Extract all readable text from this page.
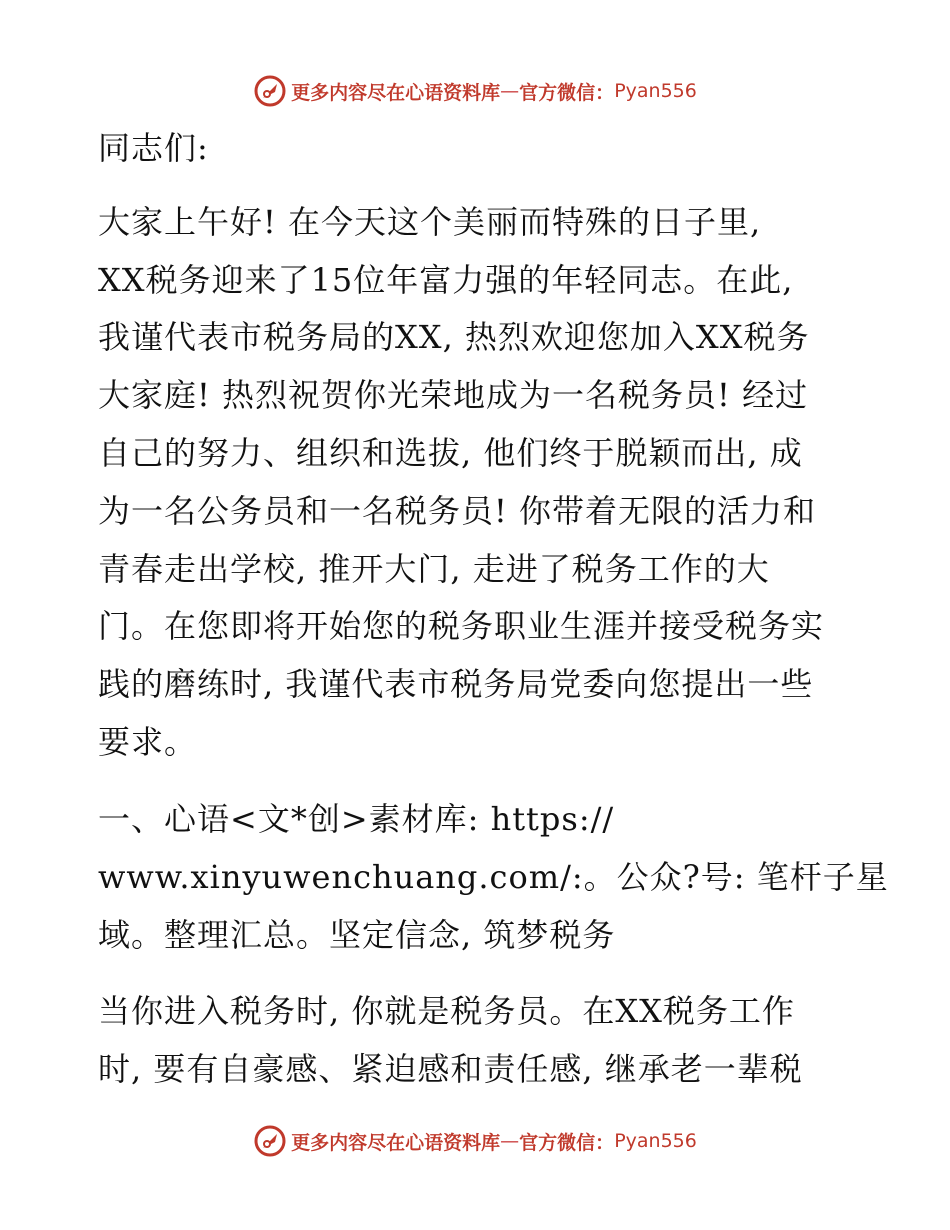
更多内容尽在心语资料库 — 官方微信： Pyan556
同志们:
大家上午好! 在今天这个美丽而特殊的日子里,
XX税务迎来了15位年富力强的年轻同志。在此,
我谨代表市税务局的XX, 热烈欢迎您加入XX税务
大家庭! 热烈祝贺你光荣地成为一名税务员! 经过
自己的努力、组织和选拔, 他们终于脱颖而出, 成
为一名公务员和一名税务员! 你带着无限的活力和
青春走出学校, 推开大门, 走进了税务工作的大
门。在您即将开始您的税务职业生涯并接受税务实
践的磨练时, 我谨代表市税务局党委向您提出一些
要求。
一、心语<文*创>素材库: https://
www.xinyuwenchuang.com/:。公众?号: 笔杆子星
域。整理汇总。坚定信念, 筑梦税务
当你进入税务时, 你就是税务员。在XX税务工作
时, 要有自豪感、紧迫感和责任感, 继承老一辈税
更多内容尽在心语资料库 — 官方微信： Pyan556
